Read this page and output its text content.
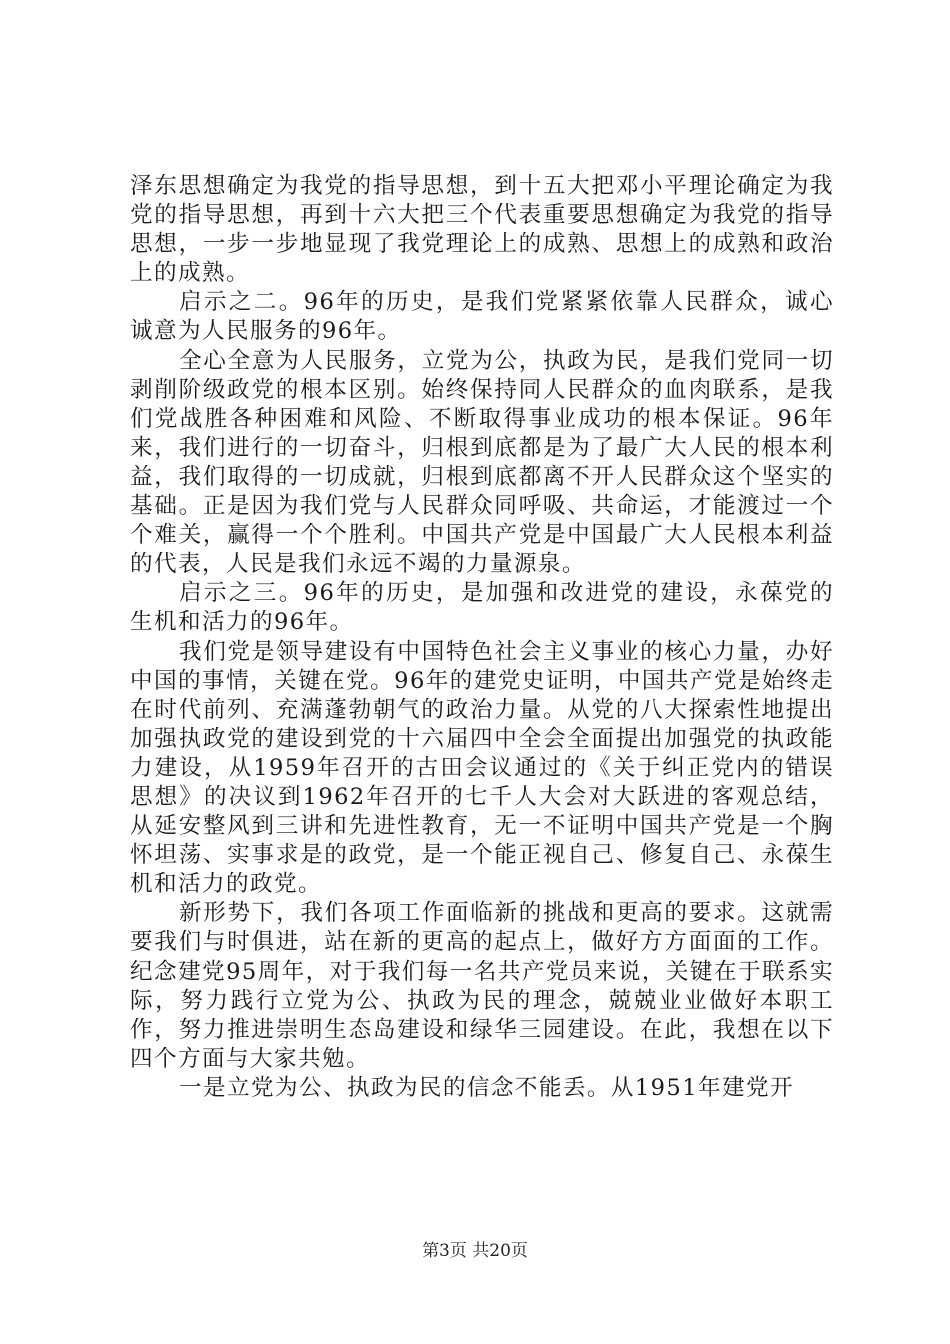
泽东思想确定为我党的指导思想，到十五大把邓小平理论确定为我党的指导思想，再到十六大把三个代表重要思想确定为我党的指导思想，一步一步地显现了我党理论上的成熟、思想上的成熟和政治上的成熟。

启示之二。96年的历史，是我们党紧紧依靠人民群众，诚心诚意为人民服务的96年。

全心全意为人民服务，立党为公，执政为民，是我们党同一切剥削阶级政党的根本区别。始终保持同人民群众的血肉联系，是我们党战胜各种困难和风险、不断取得事业成功的根本保证。96年来，我们进行的一切奋斗，归根到底都是为了最广大人民的根本利益，我们取得的一切成就，归根到底都离不开人民群众这个坚实的基础。正是因为我们党与人民群众同呼吸、共命运，才能渡过一个个难关，赢得一个个胜利。中国共产党是中国最广大人民根本利益的代表，人民是我们永远不竭的力量源泉。

启示之三。96年的历史，是加强和改进党的建设，永葆党的生机和活力的96年。

我们党是领导建设有中国特色社会主义事业的核心力量，办好中国的事情，关键在党。96年的建党史证明，中国共产党是始终走在时代前列、充满蓬勃朝气的政治力量。从党的八大探索性地提出加强执政党的建设到党的十六届四中全会全面提出加强党的执政能力建设，从1959年召开的古田会议通过的《关于纠正党内的错误思想》的决议到1962年召开的七千人大会对大跃进的客观总结，从延安整风到三讲和先进性教育，无一不证明中国共产党是一个胸怀坦荡、实事求是的政党，是一个能正视自己、修复自己、永葆生机和活力的政党。

新形势下，我们各项工作面临新的挑战和更高的要求。这就需要我们与时俱进，站在新的更高的起点上，做好方方面面的工作。纪念建党95周年，对于我们每一名共产党员来说，关键在于联系实际，努力践行立党为公、执政为民的理念，兢兢业业做好本职工作，努力推进崇明生态岛建设和绿华三园建设。在此，我想在以下四个方面与大家共勉。

一是立党为公、执政为民的信念不能丢。从1951年建党开

第3页 共20页
